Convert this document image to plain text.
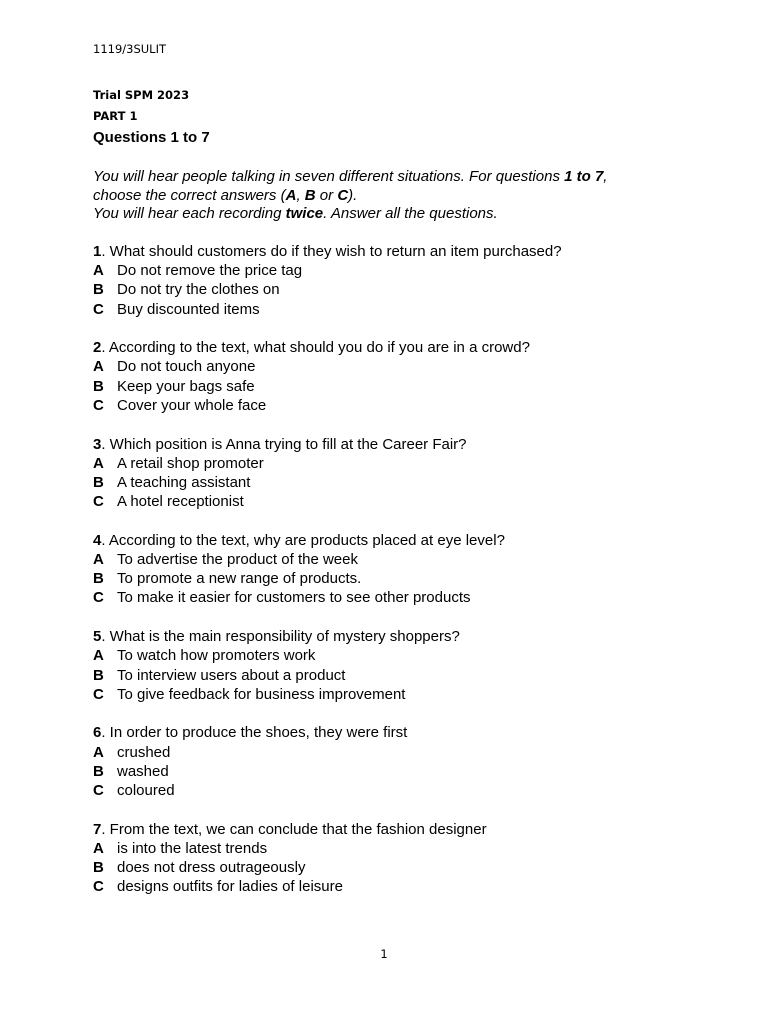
1119/3SULIT
Trial SPM 2023
PART 1
Questions 1 to 7
You will hear people talking in seven different situations. For questions 1 to 7,
choose the correct answers (A, B or C).
You will hear each recording twice. Answer all the questions.
1. What should customers do if they wish to return an item purchased?
A Do not remove the price tag
B Do not try the clothes on
C Buy discounted items
2. According to the text, what should you do if you are in a crowd?
A Do not touch anyone
B Keep your bags safe
C Cover your whole face
3. Which position is Anna trying to fill at the Career Fair?
A A retail shop promoter
B A teaching assistant
C A hotel receptionist
4. According to the text, why are products placed at eye level?
A To advertise the product of the week
B To promote a new range of products.
C To make it easier for customers to see other products
5. What is the main responsibility of mystery shoppers?
A To watch how promoters work
B To interview users about a product
C To give feedback for business improvement
6. In order to produce the shoes, they were first
A crushed
B washed
C coloured
7. From the text, we can conclude that the fashion designer
A is into the latest trends
B does not dress outrageously
C designs outfits for ladies of leisure
1
